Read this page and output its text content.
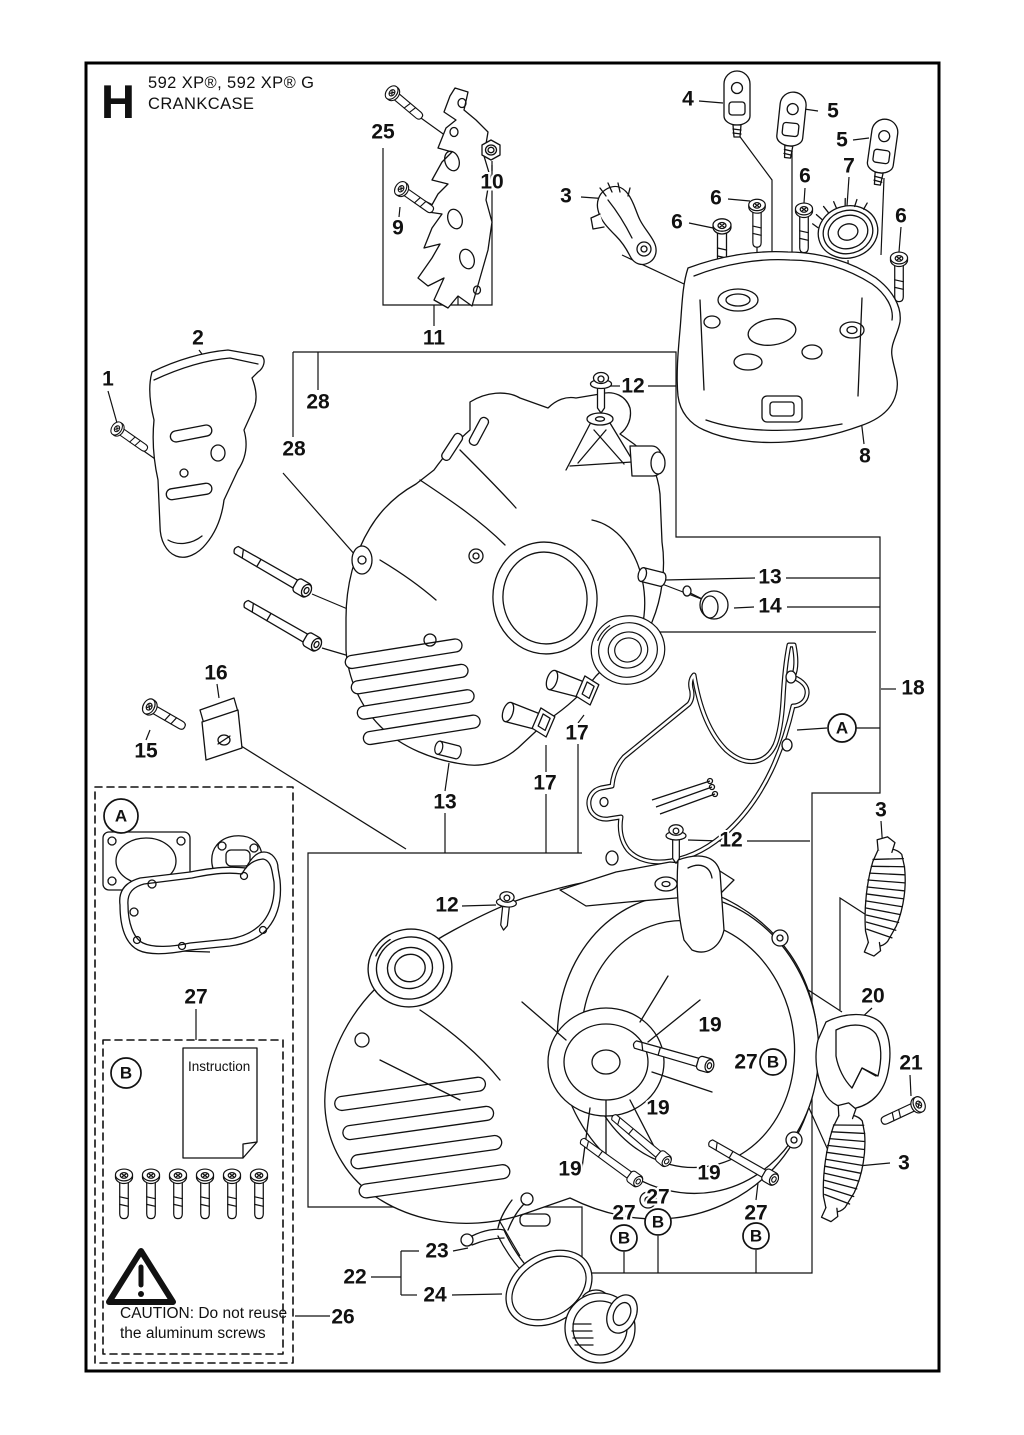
H 592 XP®, 592 XP® G
CRANKCASE
Instruction
CAUTION: Do not reuse
the aluminum screws
A
A
B
B
B
B	B
1
2
3
3
3
4
5
5
6
6
6
6
7
8
9
10
11
12
12
12
13
13
14
15
16
17
17
18
19
19
19	19
20
21
22
23
24
25
26
27
27
27
27	27
28
28
